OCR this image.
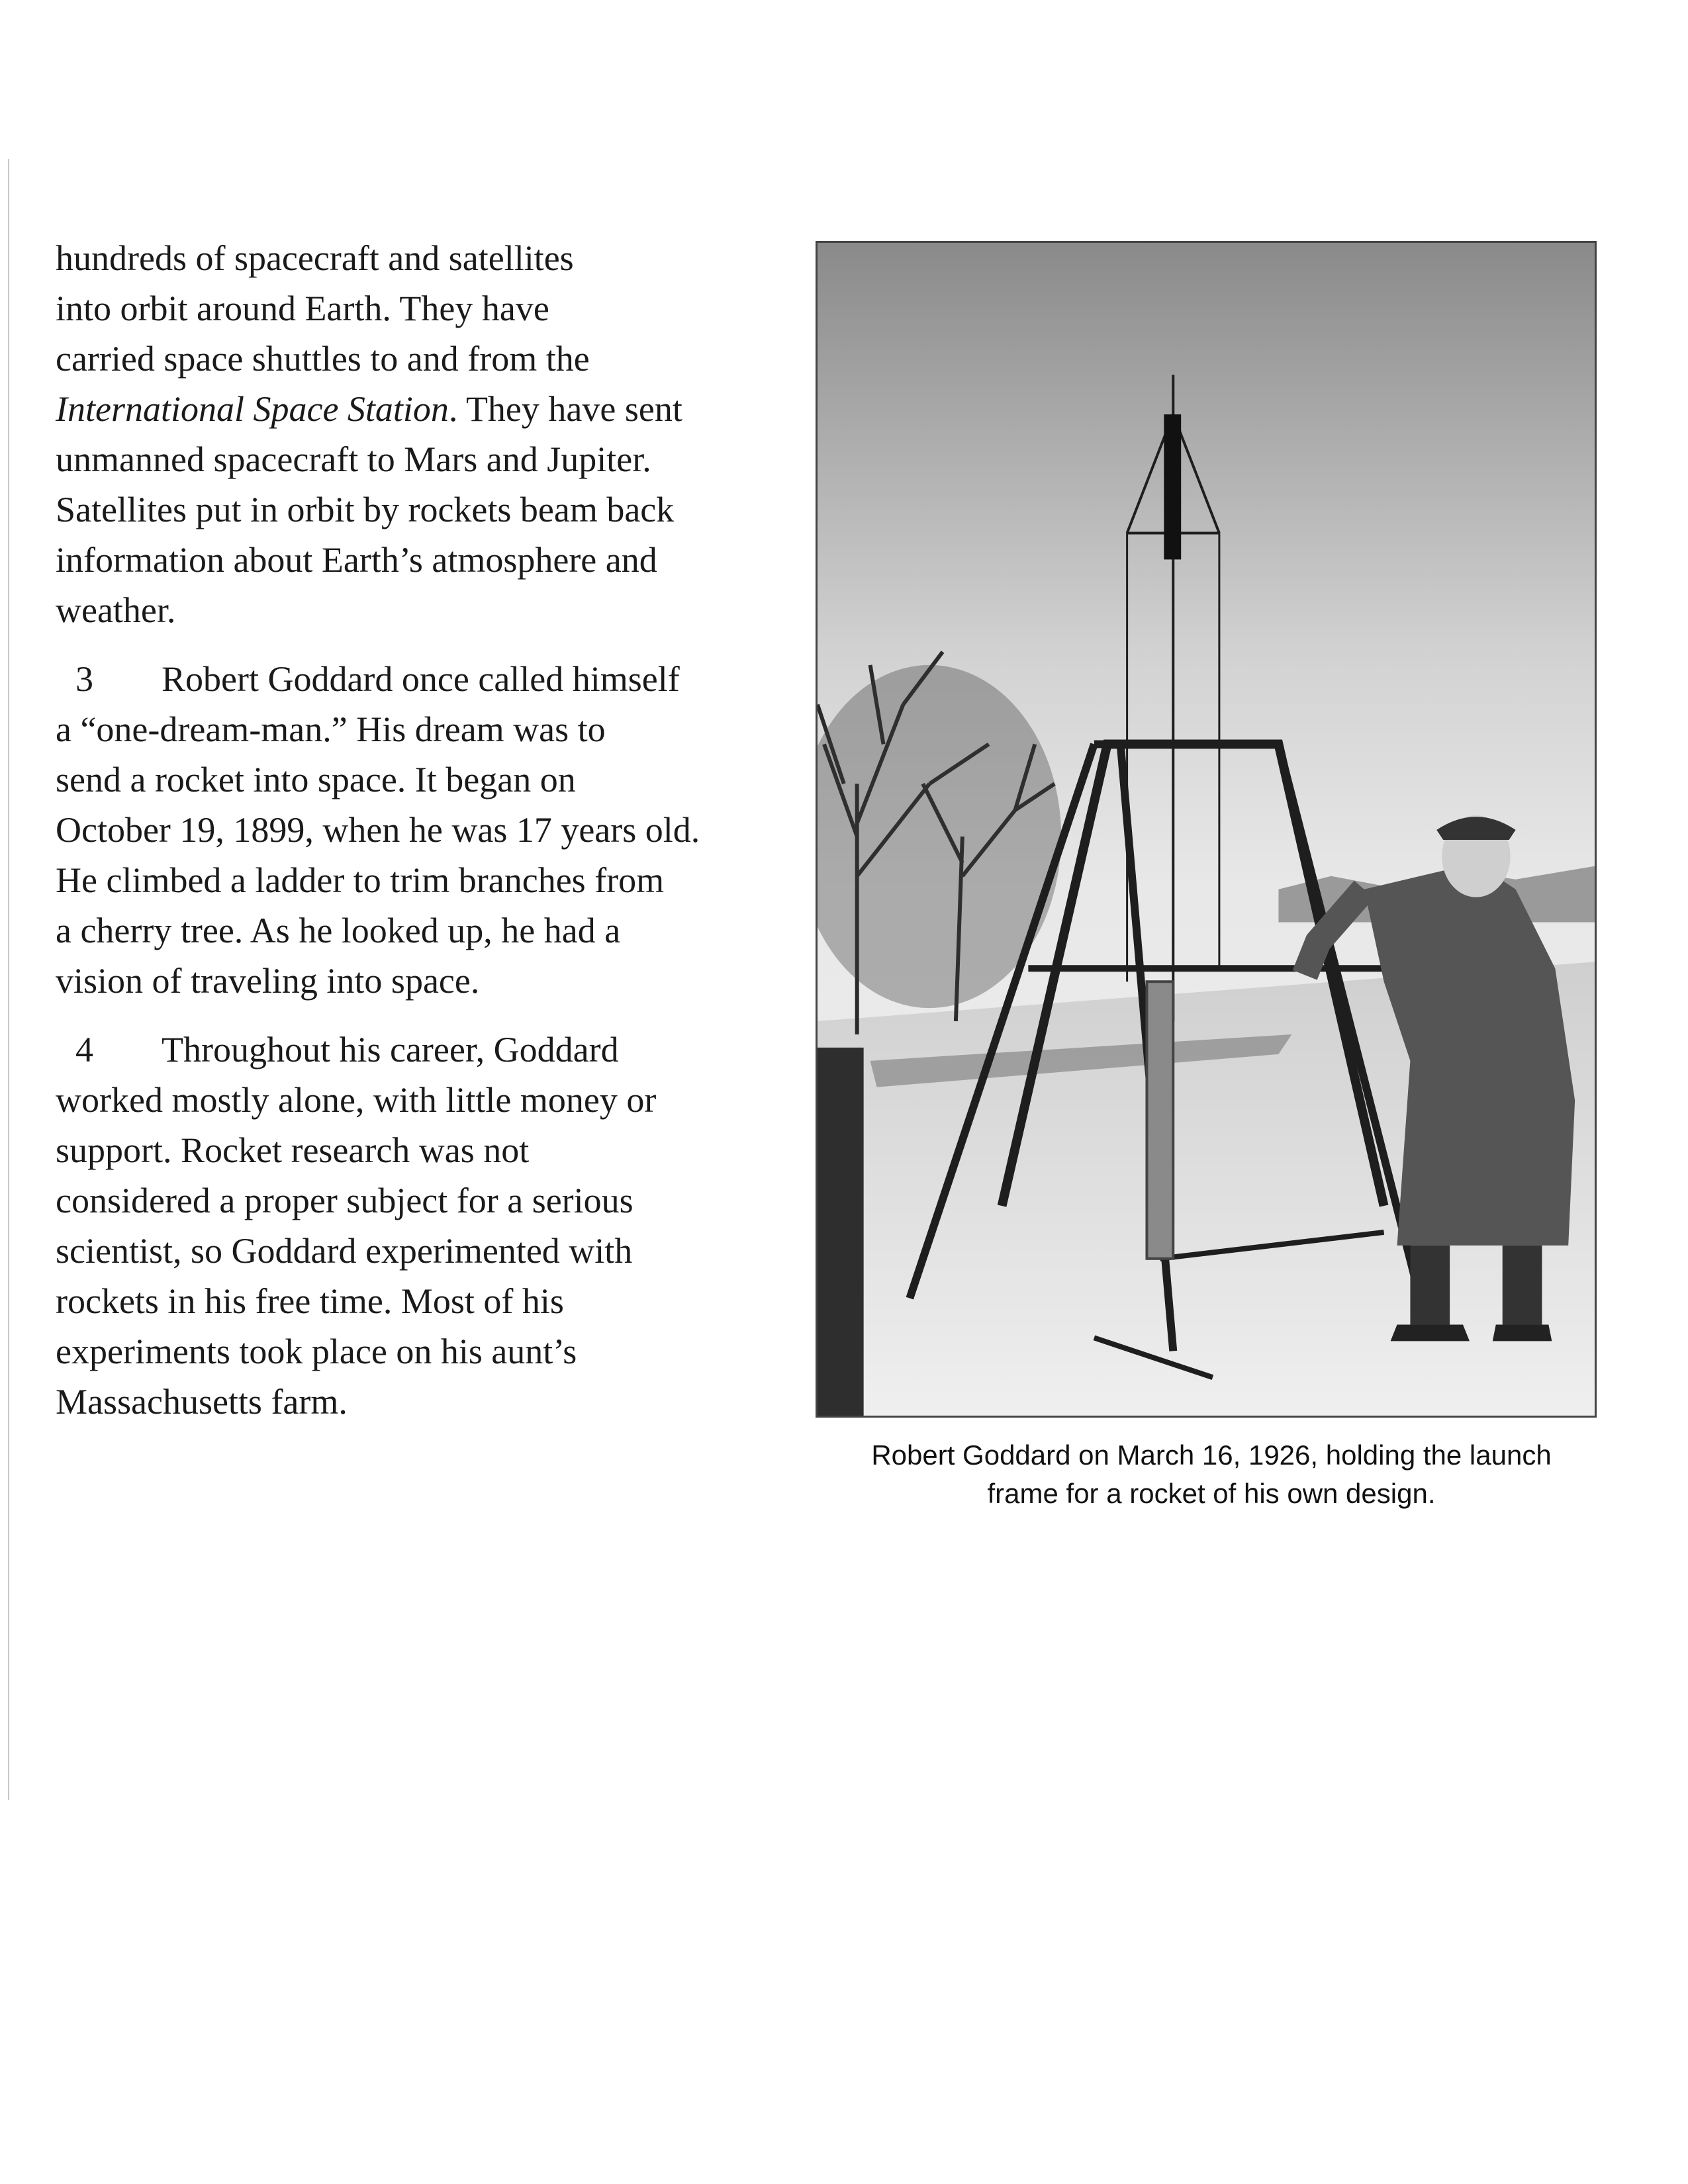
hundreds of spacecraft and satellites
into orbit around Earth. They have
carried space shuttles to and from the
International Space Station. They have sent
unmanned spacecraft to Mars and Jupiter.
Satellites put in orbit by rockets beam back
information about Earth’s atmosphere and
weather.

3 Robert Goddard once called himself
a “one-dream-man.” His dream was to
send a rocket into space. It began on
October 19, 1899, when he was 17 years old.
He climbed a ladder to trim branches from
a cherry tree. As he looked up, he had a
vision of traveling into space.

4 Throughout his career, Goddard
worked mostly alone, with little money or
support. Rocket research was not
considered a proper subject for a serious
scientist, so Goddard experimented with
rockets in his free time. Most of his
experiments took place on his aunt’s
Massachusetts farm.

Robert Goddard on March 16, 1926, holding the launch
frame for a rocket of his own design.
